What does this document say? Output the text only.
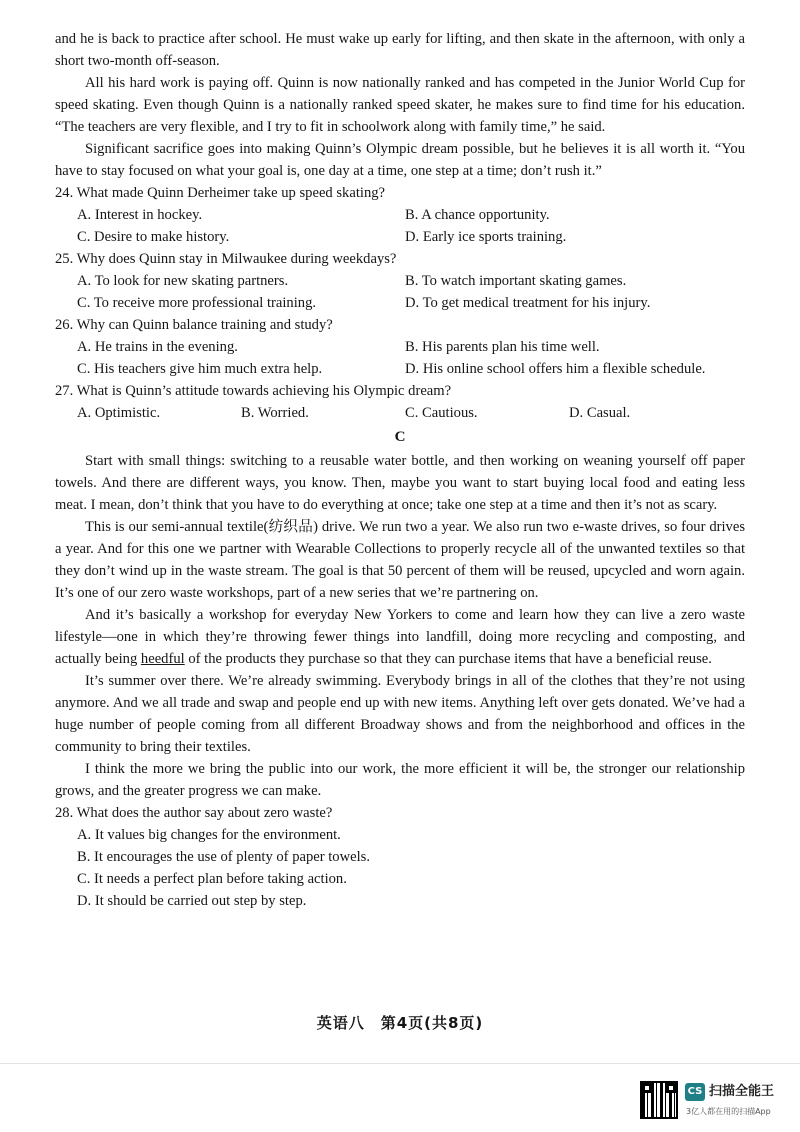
and he is back to practice after school. He must wake up early for lifting, and then skate in the afternoon, with only a short two-month off-season.

All his hard work is paying off. Quinn is now nationally ranked and has competed in the Junior World Cup for speed skating. Even though Quinn is a nationally ranked speed skater, he makes sure to find time for his education. “The teachers are very flexible, and I try to fit in schoolwork along with family time,” he said.

Significant sacrifice goes into making Quinn’s Olympic dream possible, but he believes it is all worth it. “You have to stay focused on what your goal is, one day at a time, one step at a time; don’t rush it.”

24. What made Quinn Derheimer take up speed skating?

A. Interest in hockey.	B. A chance opportunity.
C. Desire to make history.	D. Early ice sports training.

25. Why does Quinn stay in Milwaukee during weekdays?

A. To look for new skating partners.	B. To watch important skating games.
C. To receive more professional training.	D. To get medical treatment for his injury.

26. Why can Quinn balance training and study?

A. He trains in the evening.	B. His parents plan his time well.
C. His teachers give him much extra help.	D. His online school offers him a flexible schedule.

27. What is Quinn’s attitude towards achieving his Olympic dream?

A. Optimistic.	B. Worried.	C. Cautious.	D. Casual.
C

Start with small things: switching to a reusable water bottle, and then working on weaning yourself off paper towels. And there are different ways, you know. Then, maybe you want to start buying local food and eating less meat. I mean, don’t think that you have to do everything at once; take one step at a time and then it’s not as scary.

This is our semi-annual textile(纺织品) drive. We run two a year. We also run two e-waste drives, so four drives a year. And for this one we partner with Wearable Collections to properly recycle all of the unwanted textiles so that they don’t wind up in the waste stream. The goal is that 50 percent of them will be reused, upcycled and worn again. It’s one of our zero waste workshops, part of a new series that we’re partnering on.

And it’s basically a workshop for everyday New Yorkers to come and learn how they can live a zero waste lifestyle—one in which they’re throwing fewer things into landfill, doing more recycling and composting, and actually being heedful of the products they purchase so that they can purchase items that have a beneficial reuse.

It’s summer over there. We’re already swimming. Everybody brings in all of the clothes that they’re not using anymore. And we all trade and swap and people end up with new items. Anything left over gets donated. We’ve had a huge number of people coming from all different Broadway shows and from the neighborhood and offices in the community to bring their textiles.

I think the more we bring the public into our work, the more efficient it will be, the stronger our relationship grows, and the greater progress we can make.

28. What does the author say about zero waste?

A. It values big changes for the environment.
B. It encourages the use of plenty of paper towels.
C. It needs a perfect plan before taking action.
D. It should be carried out step by step.
英语八　第4页(共8页)
CS 扫描全能王
3亿人都在用的扫描App
